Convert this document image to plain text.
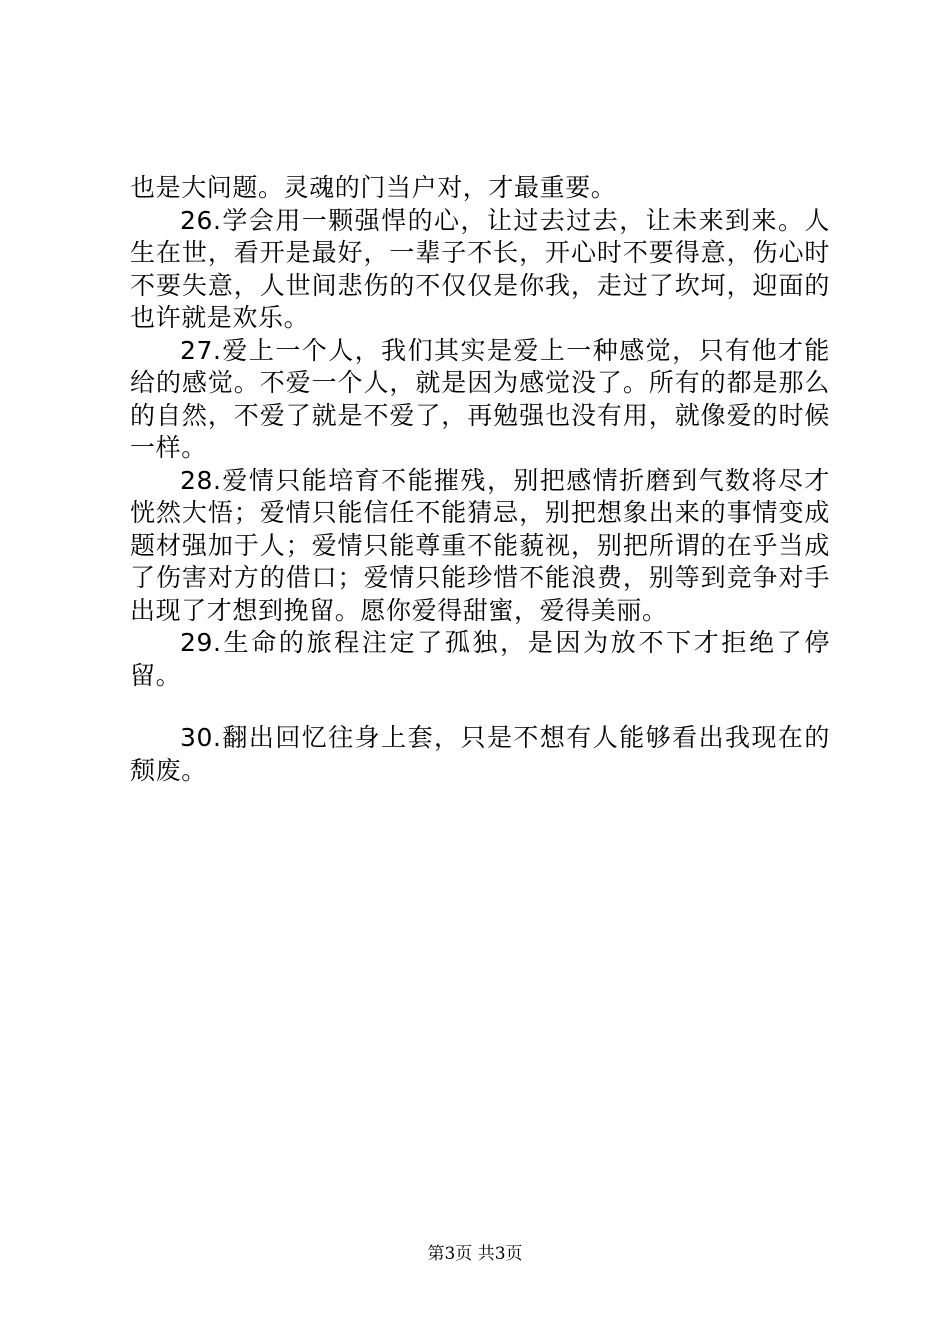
也是大问题。灵魂的门当户对，才最重要。

26.学会用一颗强悍的心，让过去过去，让未来到来。人生在世，看开是最好，一辈子不长，开心时不要得意，伤心时不要失意，人世间悲伤的不仅仅是你我，走过了坎坷，迎面的也许就是欢乐。

27.爱上一个人，我们其实是爱上一种感觉，只有他才能给的感觉。不爱一个人，就是因为感觉没了。所有的都是那么的自然，不爱了就是不爱了，再勉强也没有用，就像爱的时候一样。

28.爱情只能培育不能摧残，别把感情折磨到气数将尽才恍然大悟；爱情只能信任不能猜忌，别把想象出来的事情变成题材强加于人；爱情只能尊重不能藐视，别把所谓的在乎当成了伤害对方的借口；爱情只能珍惜不能浪费，别等到竞争对手出现了才想到挽留。愿你爱得甜蜜，爱得美丽。

29.生命的旅程注定了孤独，是因为放不下才拒绝了停留。

30.翻出回忆往身上套，只是不想有人能够看出我现在的颓废。

第3页 共3页
